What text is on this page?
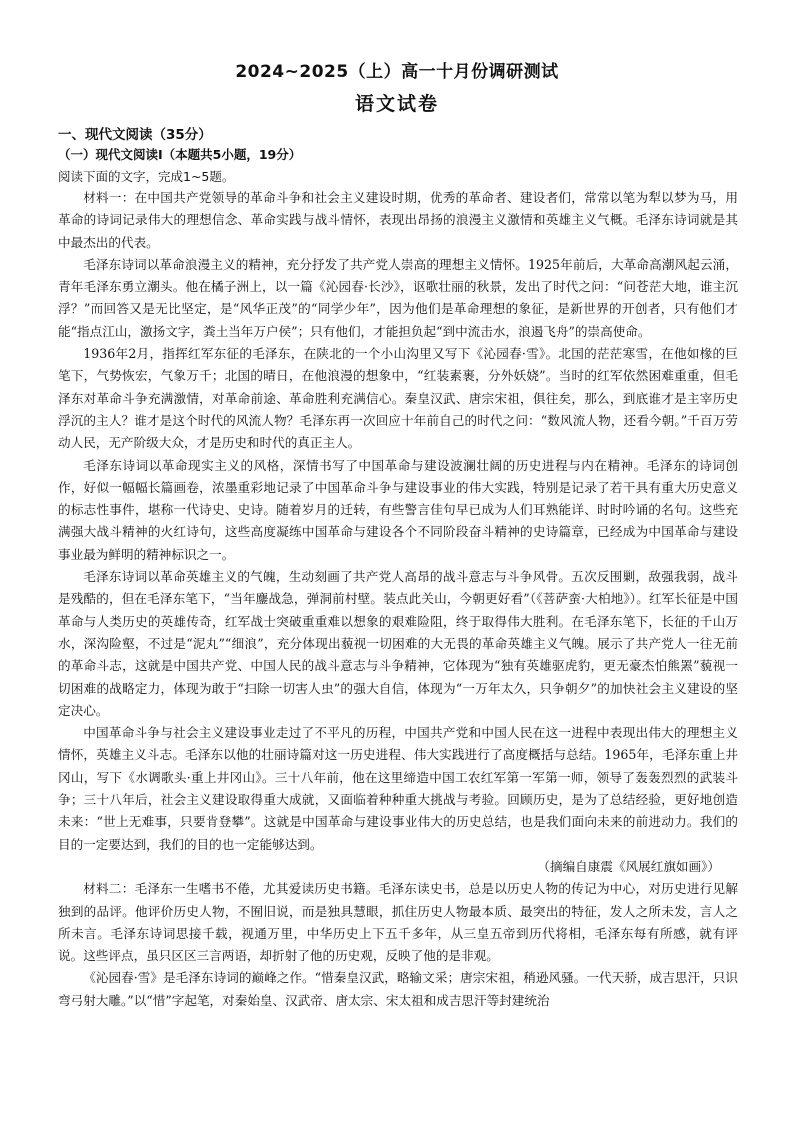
2024~2025（上）高一十月份调研测试
语文试卷
一、现代文阅读（35分）
（一）现代文阅读Ⅰ（本题共5小题，19分）
阅读下面的文字，完成1~5题。

材料一：在中国共产党领导的革命斗争和社会主义建设时期，优秀的革命者、建设者们，常常以笔为犁以梦为马，用革命的诗词记录伟大的理想信念、革命实践与战斗情怀，表现出昂扬的浪漫主义激情和英雄主义气概。毛泽东诗词就是其中最杰出的代表。

毛泽东诗词以革命浪漫主义的精神，充分抒发了共产党人崇高的理想主义情怀。1925年前后，大革命高潮风起云涌，青年毛泽东勇立潮头。他在橘子洲上，以一篇《沁园春·长沙》，讴歌壮丽的秋景，发出了时代之问：“问苍茫大地，谁主沉浮？”而回答又是无比坚定，是“风华正茂”的“同学少年”，因为他们是革命理想的象征，是新世界的开创者，只有他们才能“指点江山，激扬文字，粪土当年万户侯”；只有他们，才能担负起“到中流击水，浪遏飞舟”的崇高使命。

1936年2月，指挥红军东征的毛泽东，在陕北的一个小山沟里又写下《沁园春·雪》。北国的茫茫寒雪，在他如椽的巨笔下，气势恢宏，气象万千；北国的晴日，在他浪漫的想象中，“红装素裹，分外妖娆”。当时的红军依然困难重重，但毛泽东对革命斗争充满激情，对革命前途、革命胜利充满信心。秦皇汉武、唐宗宋祖，俱往矣，那么，到底谁才是主宰历史浮沉的主人？谁才是这个时代的风流人物？毛泽东再一次回应十年前自己的时代之问：“数风流人物，还看今朝。”千百万劳动人民，无产阶级大众，才是历史和时代的真正主人。

毛泽东诗词以革命现实主义的风格，深情书写了中国革命与建设波澜壮阔的历史进程与内在精神。毛泽东的诗词创作，好似一幅幅长篇画卷，浓墨重彩地记录了中国革命斗争与建设事业的伟大实践，特别是记录了若干具有重大历史意义的标志性事件，堪称一代诗史、史诗。随着岁月的迁转，有些警言佳句早已成为人们耳熟能详、时时吟诵的名句。这些充满强大战斗精神的火红诗句，这些高度凝练中国革命与建设各个不同阶段奋斗精神的史诗篇章，已经成为中国革命与建设事业最为鲜明的精神标识之一。

毛泽东诗词以革命英雄主义的气魄，生动刻画了共产党人高昂的战斗意志与斗争风骨。五次反围剿，敌强我弱，战斗是残酷的，但在毛泽东笔下，“当年鏖战急，弹洞前村壁。装点此关山，今朝更好看”（《菩萨蛮·大柏地》）。红军长征是中国革命与人类历史的英雄传奇，红军战士突破重重难以想象的艰难险阻，终于取得伟大胜利。在毛泽东笔下，长征的千山万水，深沟险壑，不过是“泥丸”“细浪”，充分体现出藐视一切困难的大无畏的革命英雄主义气魄。展示了共产党人一往无前的革命斗志，这就是中国共产党、中国人民的战斗意志与斗争精神，它体现为“独有英雄驱虎豹，更无豪杰怕熊罴”藐视一切困难的战略定力，体现为敢于“扫除一切害人虫”的强大自信，体现为“一万年太久，只争朝夕”的加快社会主义建设的坚定决心。

中国革命斗争与社会主义建设事业走过了不平凡的历程，中国共产党和中国人民在这一进程中表现出伟大的理想主义情怀，英雄主义斗志。毛泽东以他的壮丽诗篇对这一历史进程、伟大实践进行了高度概括与总结。1965年，毛泽东重上井冈山，写下《水调歌头·重上井冈山》。三十八年前，他在这里缔造中国工农红军第一军第一师，领导了轰轰烈烈的武装斗争；三十八年后，社会主义建设取得重大成就，又面临着种种重大挑战与考验。回顾历史，是为了总结经验，更好地创造未来：“世上无难事，只要肯登攀”。这就是中国革命与建设事业伟大的历史总结，也是我们面向未来的前进动力。我们的目的一定要达到，我们的目的也一定能够达到。

（摘编自康震《风展红旗如画》）

材料二：毛泽东一生嗜书不倦，尤其爱读历史书籍。毛泽东读史书，总是以历史人物的传记为中心，对历史进行见解独到的品评。他评价历史人物，不囿旧说，而是独具慧眼，抓住历史人物最本质、最突出的特征，发人之所未发，言人之所未言。毛泽东诗词思接千载，视通万里，中华历史上下五千多年，从三皇五帝到历代将相，毛泽东每有所感，就有评说。这些评点，虽只区区三言两语，却折射了他的历史观，反映了他的是非观。

《沁园春·雪》是毛泽东诗词的巅峰之作。“惜秦皇汉武，略输文采；唐宗宋祖，稍逊风骚。一代天骄，成吉思汗，只识弯弓射大雕。”以“惜”字起笔，对秦始皇、汉武帝、唐太宗、宋太祖和成吉思汗等封建统治
